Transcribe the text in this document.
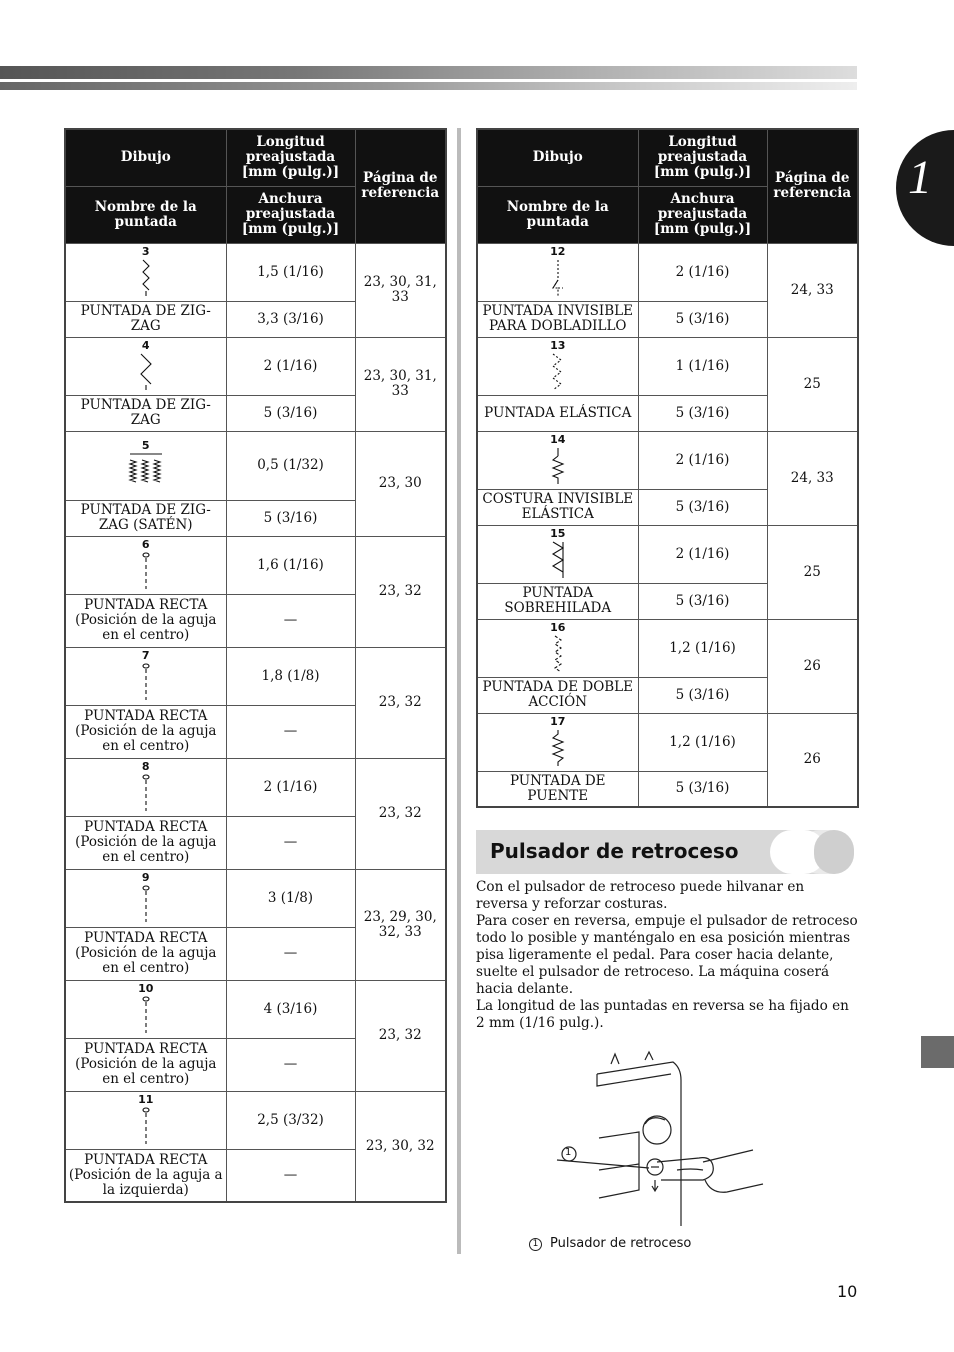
1
Dibujo	Longitud preajustada [mm (pulg.)]	Página de referencia
Nombre de la puntada	Anchura preajustada [mm (pulg.)]	

3	1,5 (1/16)	23, 30, 31, 33
PUNTADA DE ZIG-ZAG	3,3 (3/16)	

4	2 (1/16)	23, 30, 31, 33
PUNTADA DE ZIG-ZAG	5 (3/16)	

5	0,5 (1/32)	23, 30
PUNTADA DE ZIG-ZAG (SATÉN)	5 (3/16)	

6	1,6 (1/16)	23, 32
PUNTADA RECTA (Posición de la aguja en el centro)	—	

7	1,8 (1/8)	23, 32
PUNTADA RECTA (Posición de la aguja en el centro)	—	

8	2 (1/16)	23, 32
PUNTADA RECTA (Posición de la aguja en el centro)	—	

9	3 (1/8)	23, 29, 30, 32, 33
PUNTADA RECTA (Posición de la aguja en el centro)	—	

10	4 (3/16)	23, 32
PUNTADA RECTA (Posición de la aguja en el centro)	—	

11	2,5 (3/32)	23, 30, 32
PUNTADA RECTA (Posición de la aguja a la izquierda)	—	
Dibujo	Longitud preajustada [mm (pulg.)]	Página de referencia
Nombre de la puntada	Anchura preajustada [mm (pulg.)]	

12	2 (1/16)	24, 33
PUNTADA INVISIBLE PARA DOBLADILLO	5 (3/16)	

13	1 (1/16)	25
PUNTADA ELÁSTICA	5 (3/16)	

14	2 (1/16)	24, 33
COSTURA INVISIBLE ELÁSTICA	5 (3/16)	

15	2 (1/16)	25
PUNTADA SOBREHILADA	5 (3/16)	

16	1,2 (1/16)	26
PUNTADA DE DOBLE ACCIÓN	5 (3/16)	

17	1,2 (1/16)	26
PUNTADA DE PUENTE	5 (3/16)	
Pulsador de retroceso

Con el pulsador de retroceso puede hilvanar en reversa y reforzar costuras.

Para coser en reversa, empuje el pulsador de retroceso todo lo posible y manténgalo en esa posición mientras pisa ligeramente el pedal. Para coser hacia delante, suelte el pulsador de retroceso. La máquina coserá hacia delante.

La longitud de las puntadas en reversa se ha fijado en 2 mm (1/16 pulg.).

1
1 Pulsador de retroceso
10
